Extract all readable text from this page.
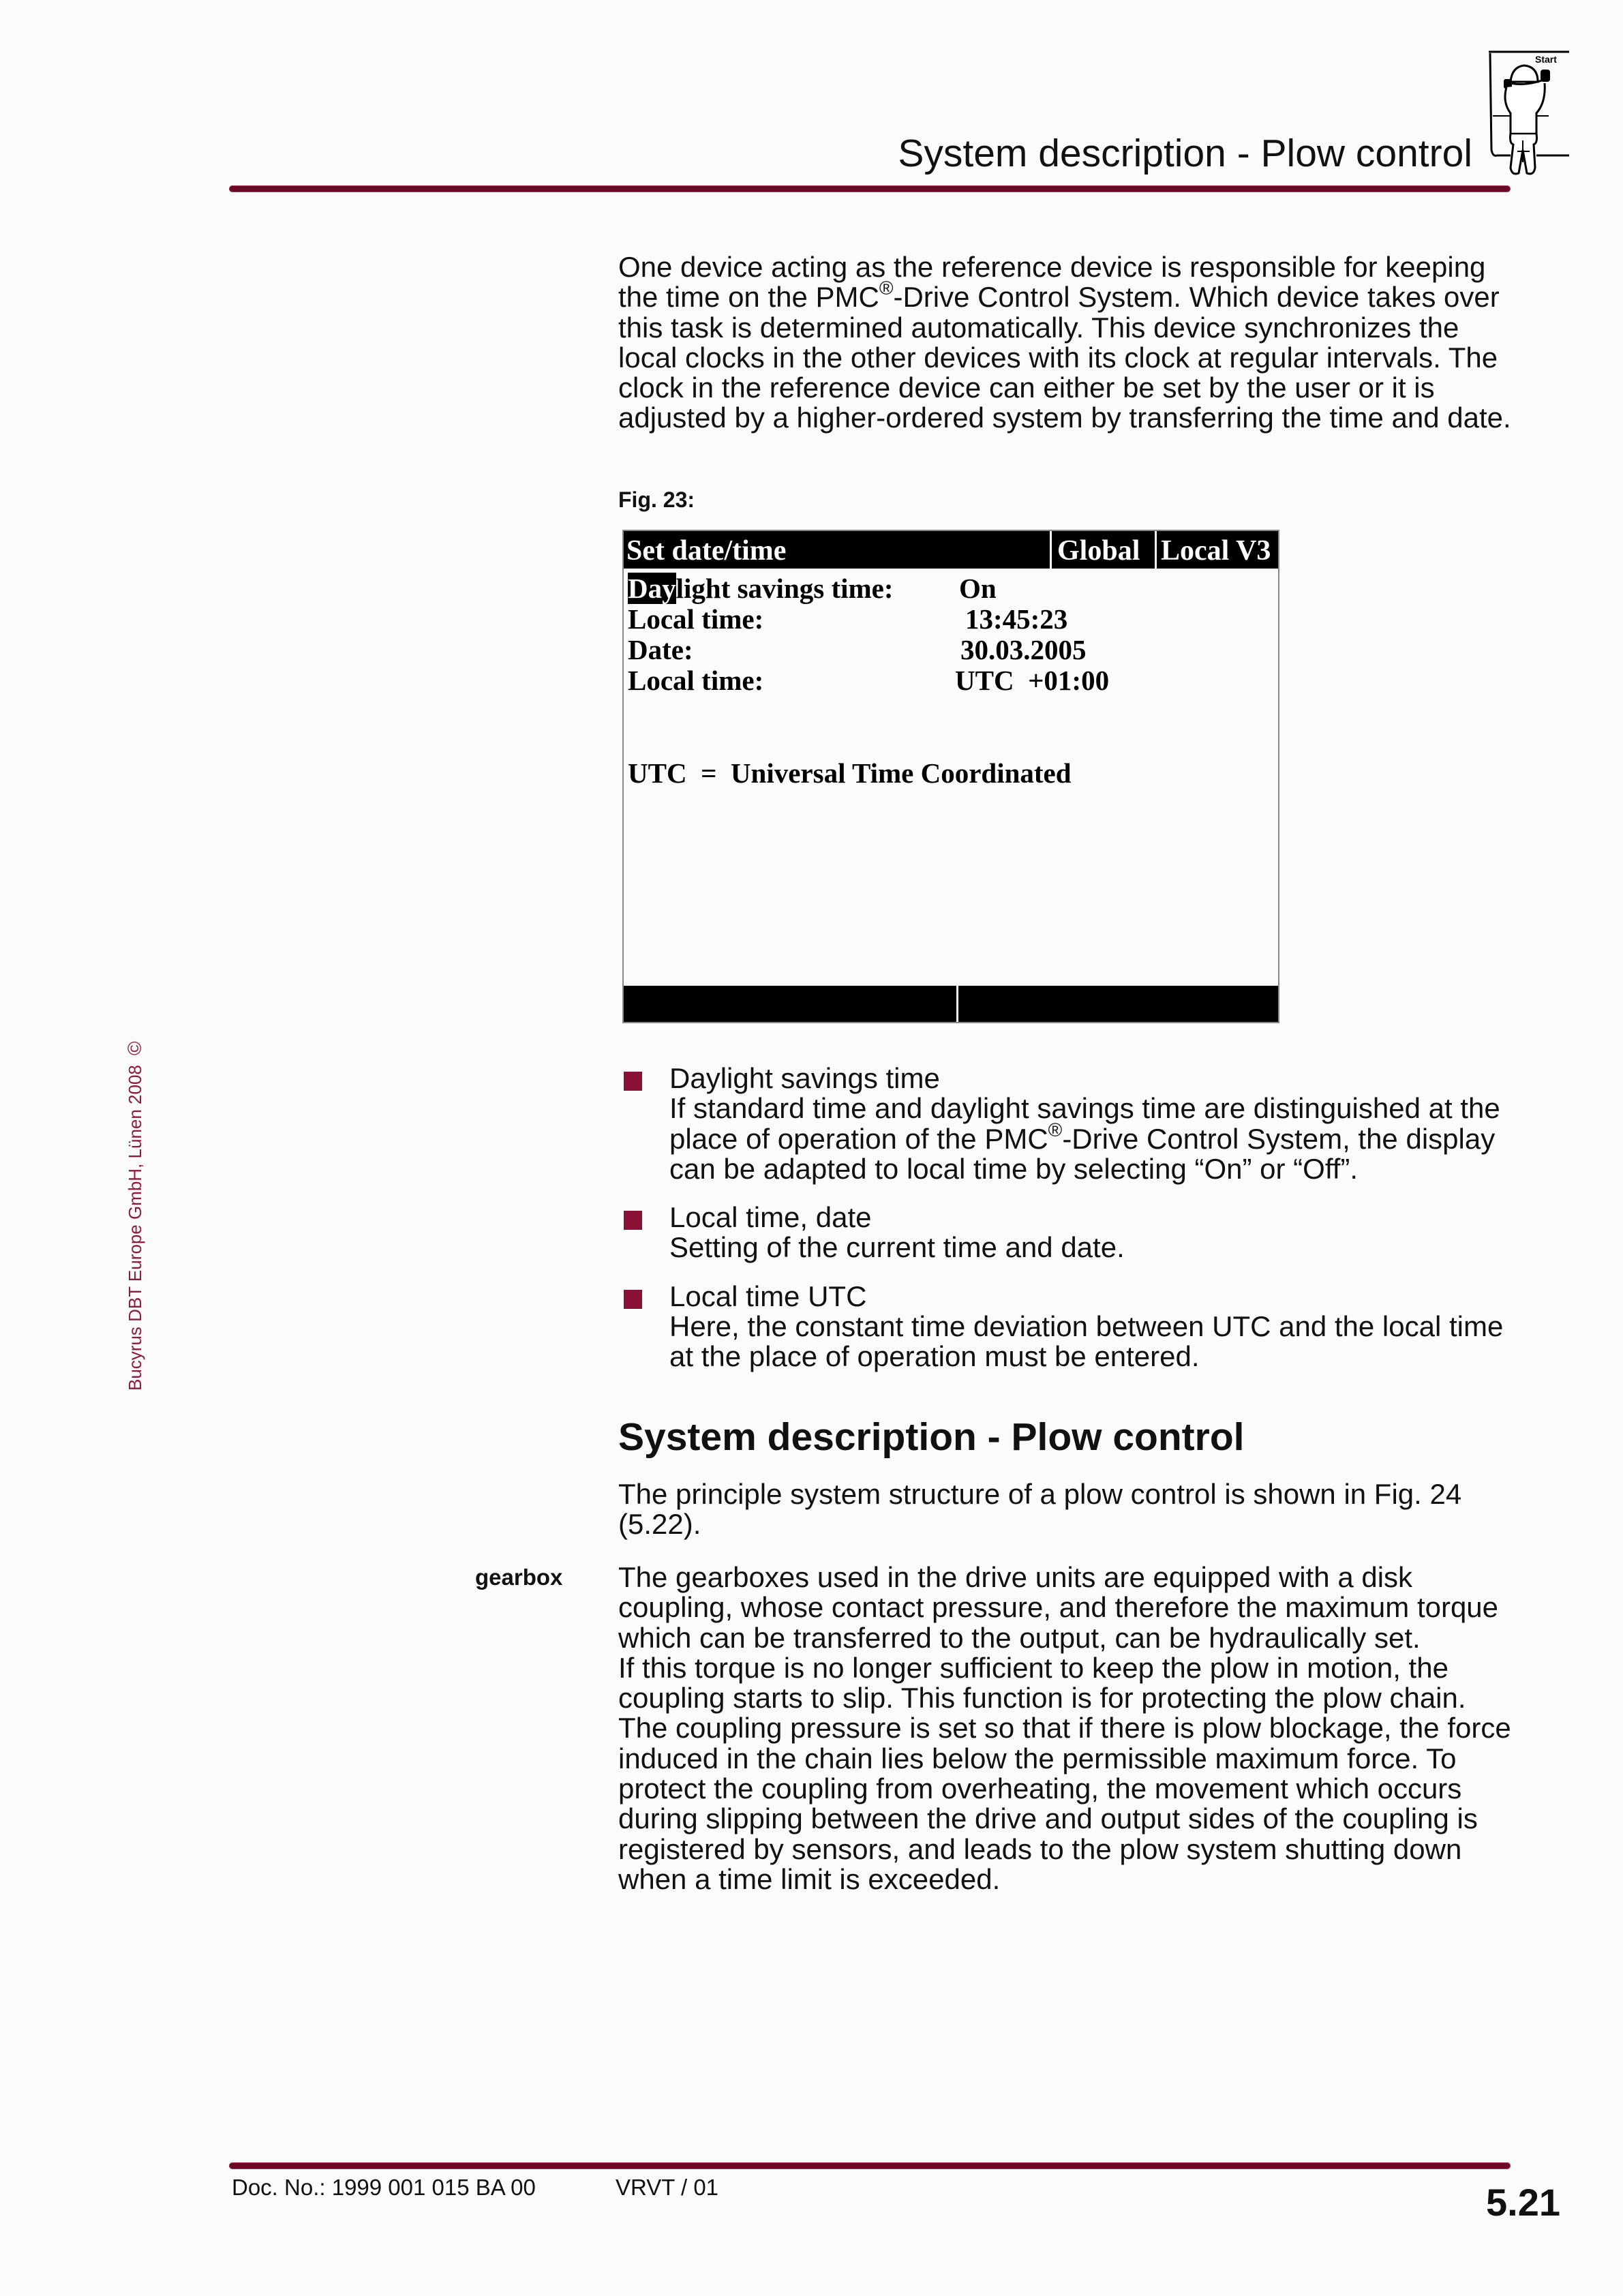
System description - Plow control
Start
Bucyrus DBT Europe GmbH, Lünen 2008©
One device acting as the reference device is responsible for keeping the time on the PMC®-Drive Control System. Which device takes over this task is determined automatically. This device synchronizes the local clocks in the other devices with its clock at regular intervals. The clock in the reference device can either be set by the user or it is adjusted by a higher-ordered system by transferring the time and date.
Fig. 23:
Set date/time	Global Local V3
Daylight savings time: On
Local time:	13:45:23
Date:	30.03.2005
Local time:	UTC  +01:00
UTC  =  Universal Time Coordinated
Daylight savings time
If standard time and daylight savings time are distinguished at the place of operation of the PMC®-Drive Control System, the display can be adapted to local time by selecting “On” or “Off”.
Local time, date
Setting of the current time and date.
Local time UTC
Here, the constant time deviation between UTC and the local time at the place of operation must be entered.
System description - Plow control
The principle system structure of a plow control is shown in Fig. 24 (5.22).
gearbox The gearboxes used in the drive units are equipped with a disk coupling, whose contact pressure, and therefore the maximum torque which can be transferred to the output, can be hydraulically set.
If this torque is no longer sufficient to keep the plow in motion, the coupling starts to slip. This function is for protecting the plow chain. The coupling pressure is set so that if there is plow blockage, the force induced in the chain lies below the permissible maximum force. To protect the coupling from overheating, the movement which occurs during slipping between the drive and output sides of the coupling is registered by sensors, and leads to the plow system shutting down when a time limit is exceeded.
Doc. No.: 1999 001 015 BA 00	VRVT / 01	5.21
